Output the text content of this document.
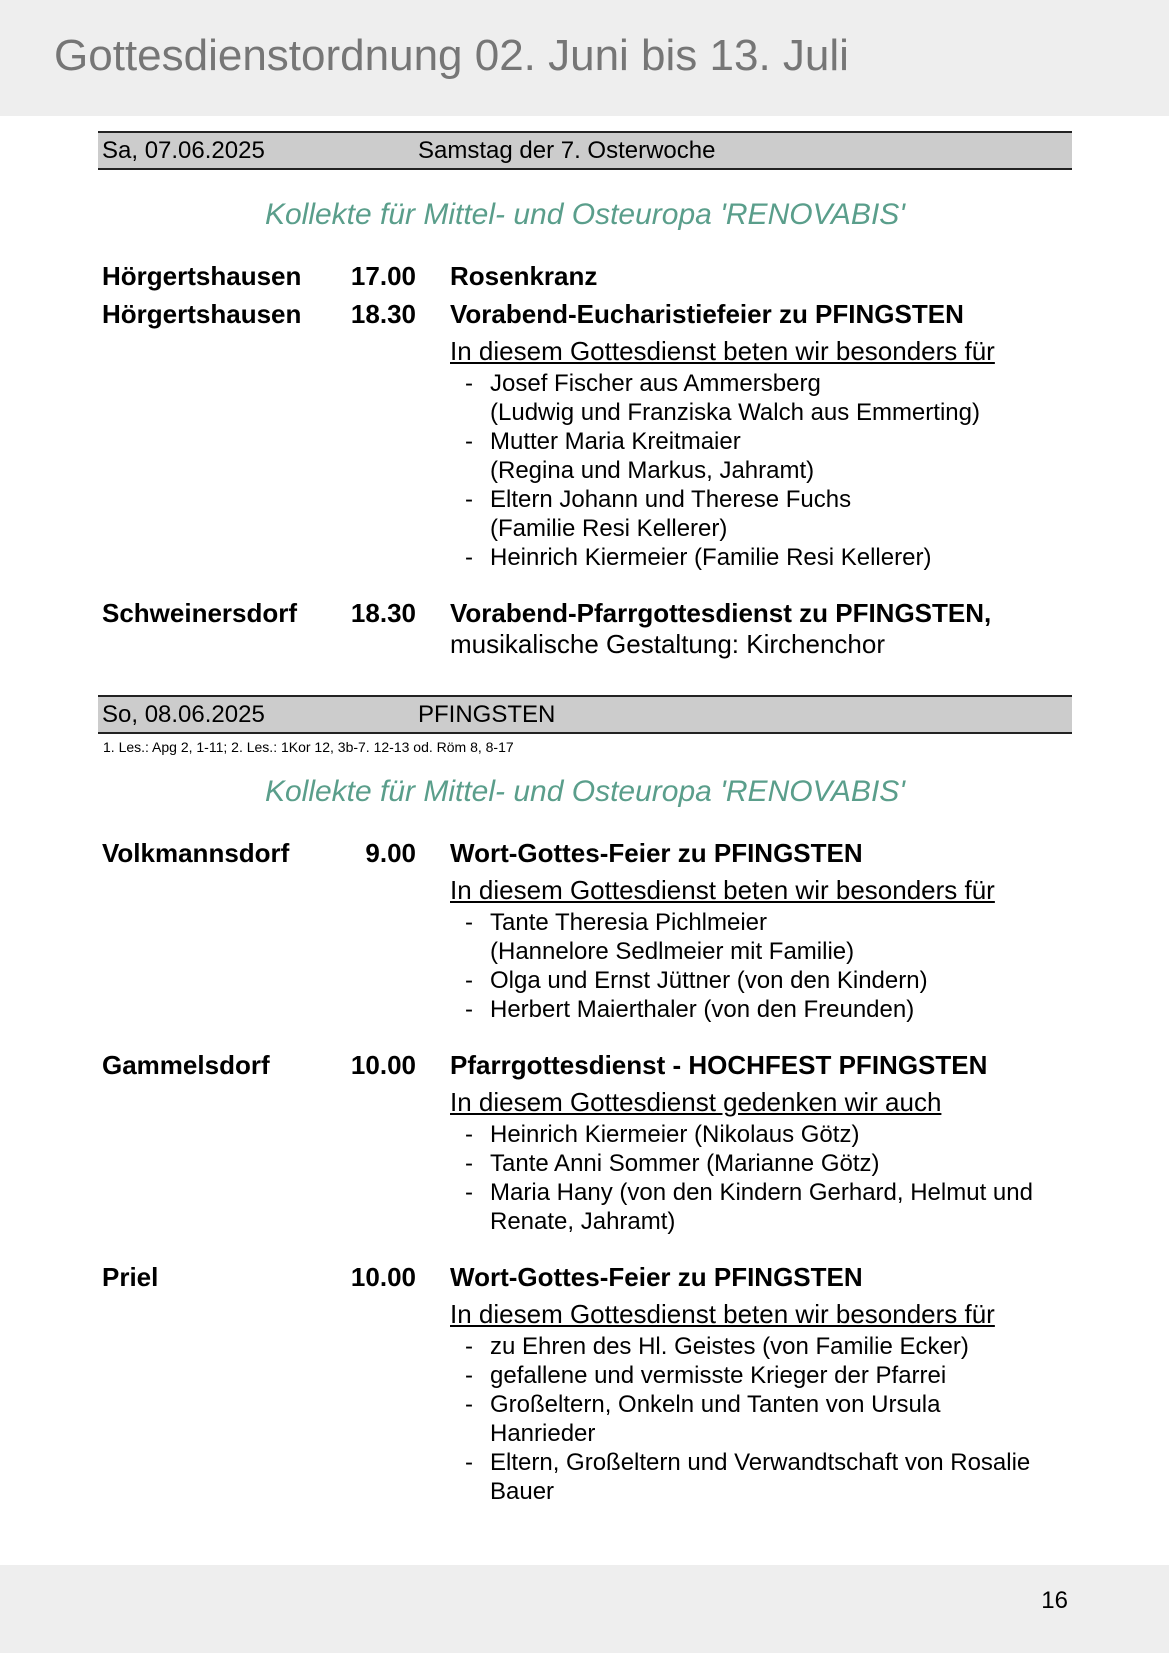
Gottesdienstordnung 02. Juni bis 13. Juli
Sa, 07.06.2025	Samstag der 7. Osterwoche
Kollekte für Mittel- und Osteuropa 'RENOVABIS'
Hörgertshausen	17.00 Rosenkranz
Hörgertshausen	18.30 Vorabend-Eucharistiefeier zu PFINGSTEN
In diesem Gottesdienst beten wir besonders für
- Josef Fischer aus Ammersberg
(Ludwig und Franziska Walch aus Emmerting)
- Mutter Maria Kreitmaier
(Regina und Markus, Jahramt)
- Eltern Johann und Therese Fuchs
(Familie Resi Kellerer)
- Heinrich Kiermeier (Familie Resi Kellerer)
Schweinersdorf	18.30 Vorabend-Pfarrgottesdienst zu PFINGSTEN,
musikalische Gestaltung: Kirchenchor
So, 08.06.2025	PFINGSTEN
1. Les.: Apg 2, 1-11; 2. Les.: 1Kor 12, 3b-7. 12-13 od. Röm 8, 8-17
Kollekte für Mittel- und Osteuropa 'RENOVABIS'
Volkmannsdorf	9.00 Wort-Gottes-Feier zu PFINGSTEN
In diesem Gottesdienst beten wir besonders für
- Tante Theresia Pichlmeier
(Hannelore Sedlmeier mit Familie)
- Olga und Ernst Jüttner (von den Kindern)
- Herbert Maierthaler (von den Freunden)
Gammelsdorf	10.00 Pfarrgottesdienst - HOCHFEST PFINGSTEN
In diesem Gottesdienst gedenken wir auch
- Heinrich Kiermeier (Nikolaus Götz)
- Tante Anni Sommer (Marianne Götz)
- Maria Hany (von den Kindern Gerhard, Helmut und
Renate, Jahramt)
Priel	10.00 Wort-Gottes-Feier zu PFINGSTEN
In diesem Gottesdienst beten wir besonders für
- zu Ehren des Hl. Geistes (von Familie Ecker)
- gefallene und vermisste Krieger der Pfarrei
- Großeltern, Onkeln und Tanten von Ursula
Hanrieder
- Eltern, Großeltern und Verwandtschaft von Rosalie
Bauer
16
